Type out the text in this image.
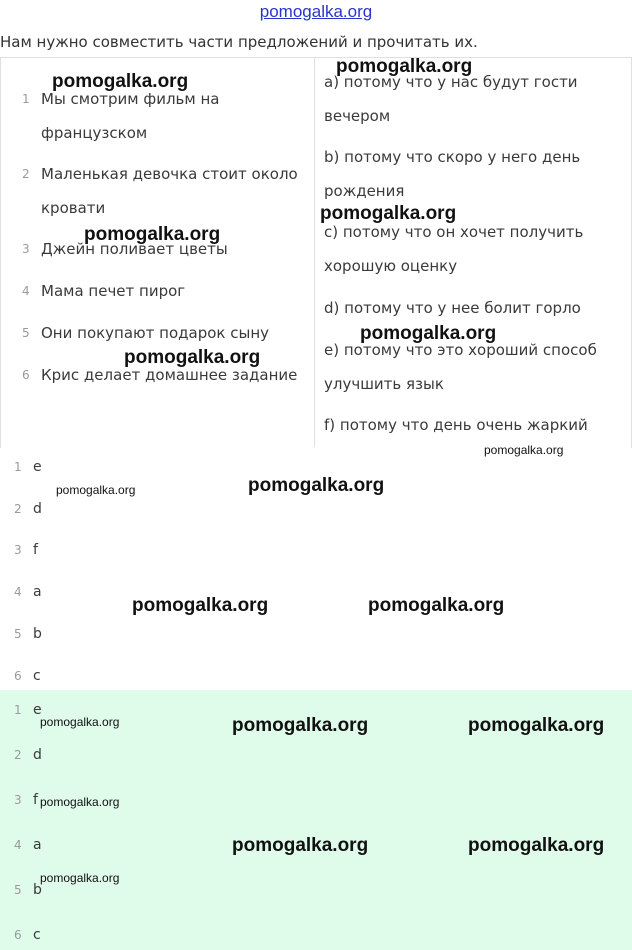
pomogalka.org
Нам нужно совместить части предложений и прочитать их.
1 Мы смотрим фильм на французском
2 Маленькая девочка стоит около кровати
3 Джейн поливает цветы
4 Мама печет пирог
5 Они покупают подарок сыну
6 Крис делает домашнее задание
a) потому что у нас будут гости вечером
b) потому что скоро у него день рождения
c) потому что он хочет получить хорошую оценку
d) потому что у нее болит горло
e) потому что это хороший способ улучшить язык
f) потому что день очень жаркий
1 e
2 d
3 f
4 a
5 b
6 c
1 e
2 d
3 f
4 a
5 b
6 c
pomogalka.org
pomogalka.org
pomogalka.org
pomogalka.org
pomogalka.org
pomogalka.org
pomogalka.org
pomogalka.org
pomogalka.org
pomogalka.org	pomogalka.org
pomogalka.org	pomogalka.org	pomogalka.org
pomogalka.org
pomogalka.org	pomogalka.org
pomogalka.org
